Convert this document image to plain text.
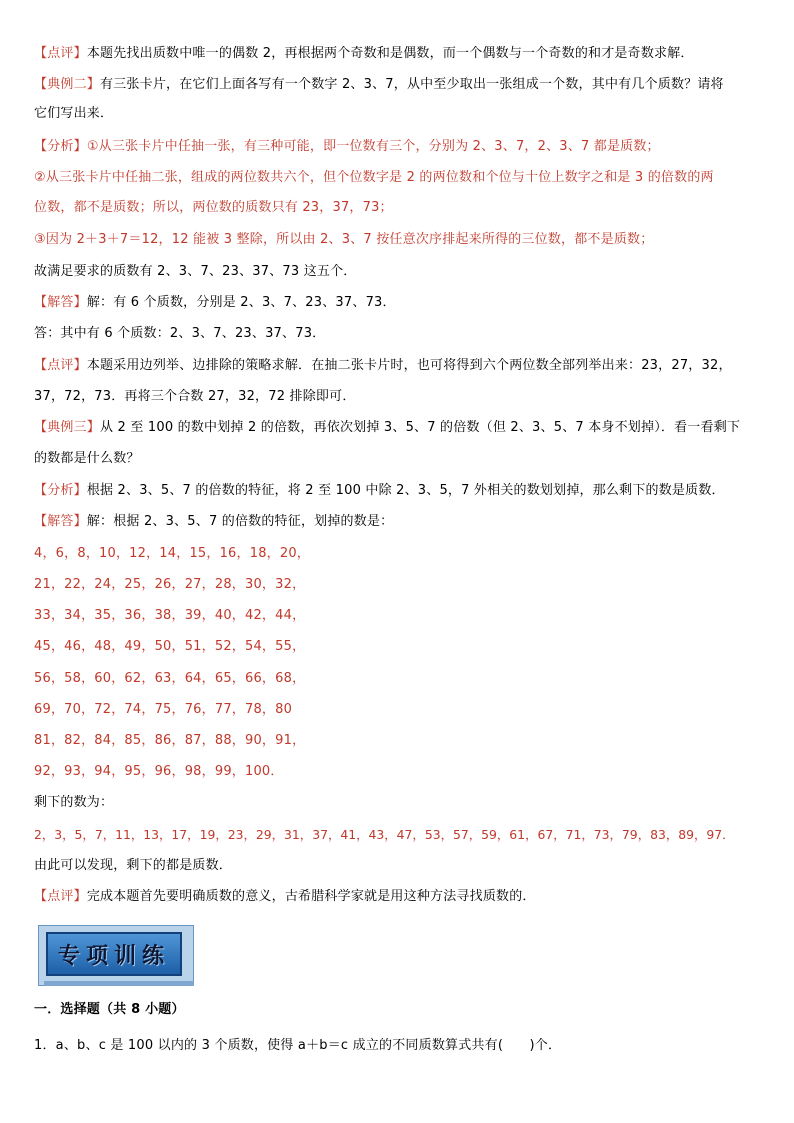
【点评】本题先找出质数中唯一的偶数 2，再根据两个奇数和是偶数，而一个偶数与一个奇数的和才是奇数求解．
【典例二】有三张卡片，在它们上面各写有一个数字 2、3、7，从中至少取出一张组成一个数，其中有几个质数？请将
它们写出来．
【分析】①从三张卡片中任抽一张，有三种可能，即一位数有三个，分别为 2、3、7，2、3、7 都是质数；
②从三张卡片中任抽二张，组成的两位数共六个，但个位数字是 2 的两位数和个位与十位上数字之和是 3 的倍数的两
位数，都不是质数；所以，两位数的质数只有 23，37，73；
③因为 2＋3＋7＝12，12 能被 3 整除，所以由 2、3、7 按任意次序排起来所得的三位数，都不是质数；
故满足要求的质数有 2、3、7、23、37、73 这五个．
【解答】解：有 6 个质数，分别是 2、3、7、23、37、73．
答：其中有 6 个质数：2、3、7、23、37、73．
【点评】本题采用边列举、边排除的策略求解．在抽二张卡片时，也可将得到六个两位数全部列举出来：23，27，32，
37，72，73．再将三个合数 27，32，72 排除即可．
【典例三】从 2 至 100 的数中划掉 2 的倍数，再依次划掉 3、5、7 的倍数（但 2、3、5、7 本身不划掉）．看一看剩下
的数都是什么数？
【分析】根据 2、3、5、7 的倍数的特征，将 2 至 100 中除 2、3、5，7 外相关的数划划掉，那么剩下的数是质数．
【解答】解：根据 2、3、5、7 的倍数的特征，划掉的数是：
4，6，8，10，12，14，15，16，18，20，
21，22，24，25，26，27，28，30，32，
33，34，35，36，38，39，40，42，44，
45，46，48，49，50，51，52，54，55，
56，58，60，62，63，64，65，66，68，
69，70，72，74，75，76，77，78，80
81，82，84，85，86，87，88，90，91，
92，93，94，95，96，98，99，100．
剩下的数为：
2，3，5，7，11，13，17，19，23，29，31，37，41，43，47，53，57，59，61，67，71，73，79，83，89，97．
由此可以发现，剩下的都是质数．
【点评】完成本题首先要明确质数的意义，古希腊科学家就是用这种方法寻找质数的．
专项训练
一．选择题（共 8 小题）
1．a、b、c 是 100 以内的 3 个质数，使得 a＋b＝c 成立的不同质数算式共有(　　)个．
